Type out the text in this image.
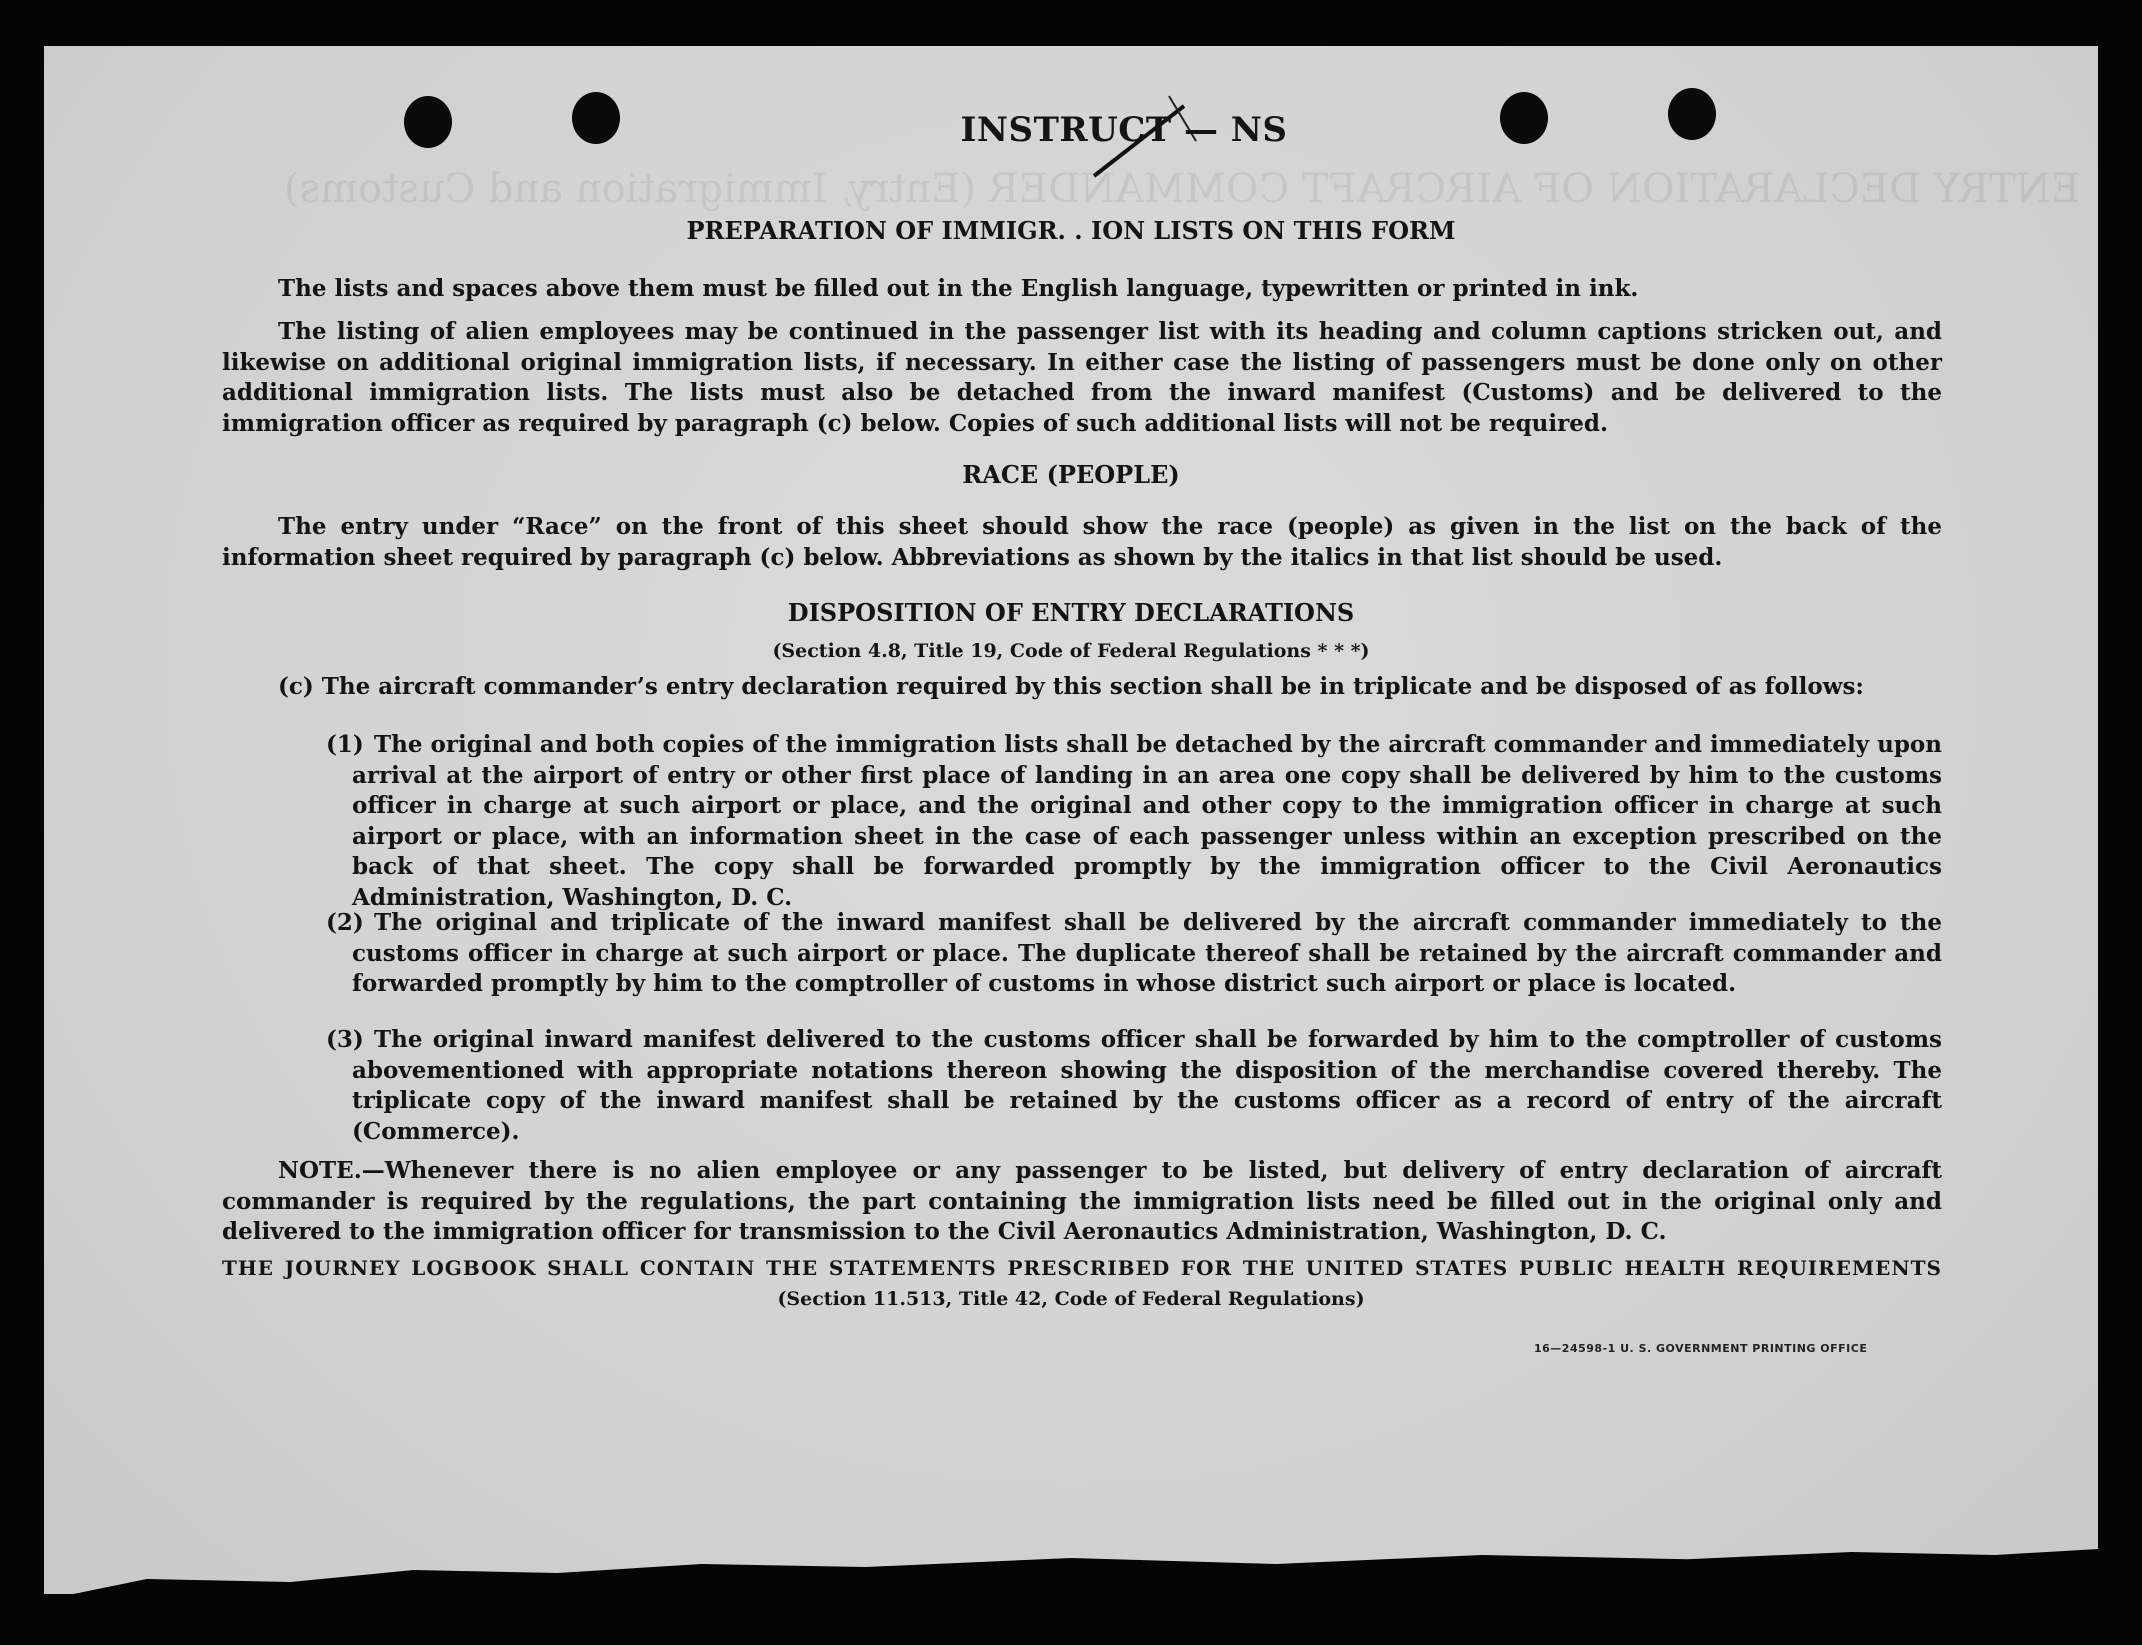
ENTRY DECLARATION OF AIRCRAFT COMMANDER (Entry, Immigration and Customs)
INSTRUCT — NS
PREPARATION OF IMMIGR. . ION LISTS ON THIS FORM
The lists and spaces above them must be filled out in the English language, typewritten or printed in ink.
The listing of alien employees may be continued in the passenger list with its heading and column captions stricken out, and likewise on additional original immigration lists, if necessary. In either case the listing of passengers must be done only on other additional immigration lists. The lists must also be detached from the inward manifest (Customs) and be delivered to the immigration officer as required by paragraph (c) below. Copies of such additional lists will not be required.
RACE (PEOPLE)
The entry under “Race” on the front of this sheet should show the race (people) as given in the list on the back of the information sheet required by paragraph (c) below. Abbreviations as shown by the italics in that list should be used.
DISPOSITION OF ENTRY DECLARATIONS
(Section 4.8, Title 19, Code of Federal Regulations * * *)
(c) The aircraft commander’s entry declaration required by this section shall be in triplicate and be disposed of as follows:
(1) The original and both copies of the immigration lists shall be detached by the aircraft commander and immediately upon arrival at the airport of entry or other first place of landing in an area one copy shall be delivered by him to the customs officer in charge at such airport or place, and the original and other copy to the immigration officer in charge at such airport or place, with an information sheet in the case of each passenger unless within an exception prescribed on the back of that sheet. The copy shall be forwarded promptly by the immigration officer to the Civil Aeronautics Administration, Washington, D. C.
(2) The original and triplicate of the inward manifest shall be delivered by the aircraft commander immediately to the customs officer in charge at such airport or place. The duplicate thereof shall be retained by the aircraft commander and forwarded promptly by him to the comptroller of customs in whose district such airport or place is located.
(3) The original inward manifest delivered to the customs officer shall be forwarded by him to the comptroller of customs abovementioned with appropriate notations thereon showing the disposition of the merchandise covered thereby. The triplicate copy of the inward manifest shall be retained by the customs officer as a record of entry of the aircraft (Commerce).
NOTE.—Whenever there is no alien employee or any passenger to be listed, but delivery of entry declaration of aircraft commander is required by the regulations, the part containing the immigration lists need be filled out in the original only and delivered to the immigration officer for transmission to the Civil Aeronautics Administration, Washington, D. C.
THE JOURNEY LOGBOOK SHALL CONTAIN THE STATEMENTS PRESCRIBED FOR THE UNITED STATES PUBLIC HEALTH REQUIREMENTS
(Section 11.513, Title 42, Code of Federal Regulations)
16—24598-1 U. S. GOVERNMENT PRINTING OFFICE
